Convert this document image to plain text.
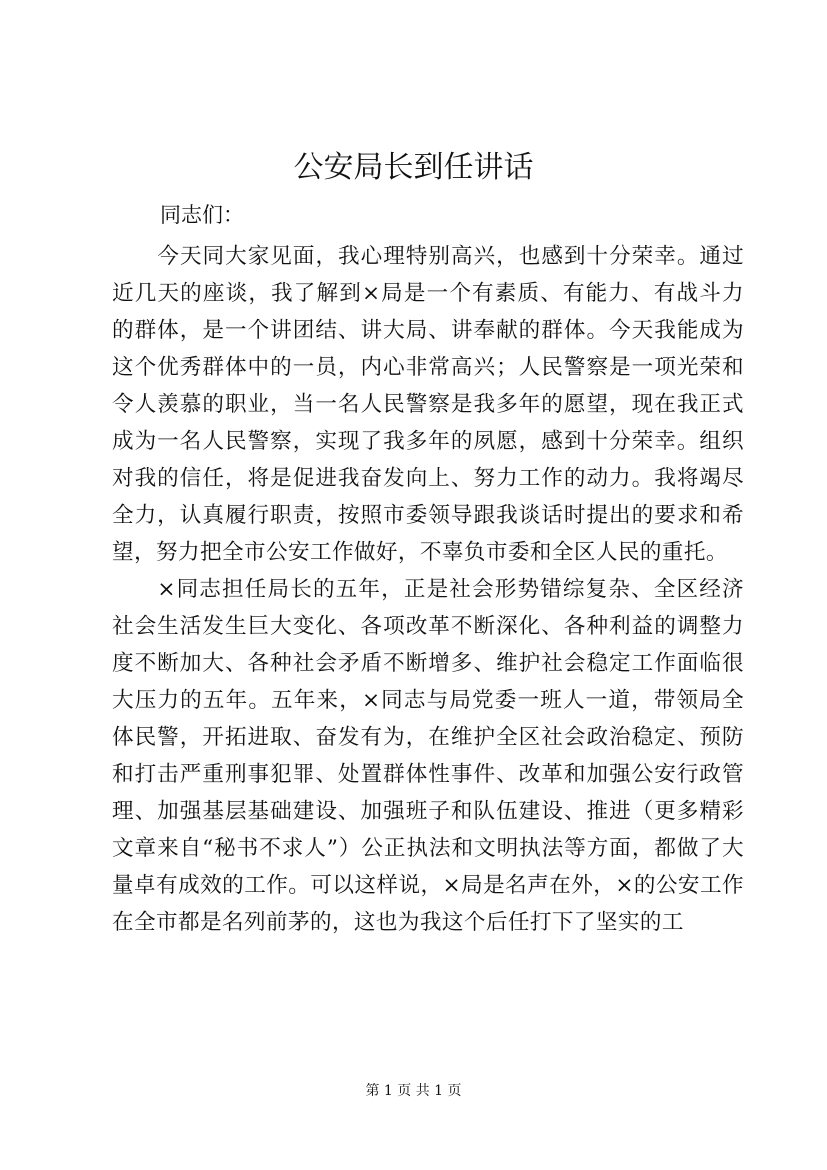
公安局长到任讲话

同志们：

今天同大家见面，我心理特别高兴，也感到十分荣幸。通过近几天的座谈，我了解到×局是一个有素质、有能力、有战斗力的群体，是一个讲团结、讲大局、讲奉献的群体。今天我能成为这个优秀群体中的一员，内心非常高兴；人民警察是一项光荣和令人羡慕的职业，当一名人民警察是我多年的愿望，现在我正式成为一名人民警察，实现了我多年的夙愿，感到十分荣幸。组织对我的信任，将是促进我奋发向上、努力工作的动力。我将竭尽全力，认真履行职责，按照市委领导跟我谈话时提出的要求和希望，努力把全市公安工作做好，不辜负市委和全区人民的重托。

×同志担任局长的五年，正是社会形势错综复杂、全区经济社会生活发生巨大变化、各项改革不断深化、各种利益的调整力度不断加大、各种社会矛盾不断增多、维护社会稳定工作面临很大压力的五年。五年来，×同志与局党委一班人一道，带领局全体民警，开拓进取、奋发有为，在维护全区社会政治稳定、预防和打击严重刑事犯罪、处置群体性事件、改革和加强公安行政管理、加强基层基础建设、加强班子和队伍建设、推进（更多精彩文章来自“秘书不求人”）公正执法和文明执法等方面，都做了大量卓有成效的工作。可以这样说，×局是名声在外，×的公安工作在全市都是名列前茅的，这也为我这个后任打下了坚实的工

第 1 页 共 1 页
